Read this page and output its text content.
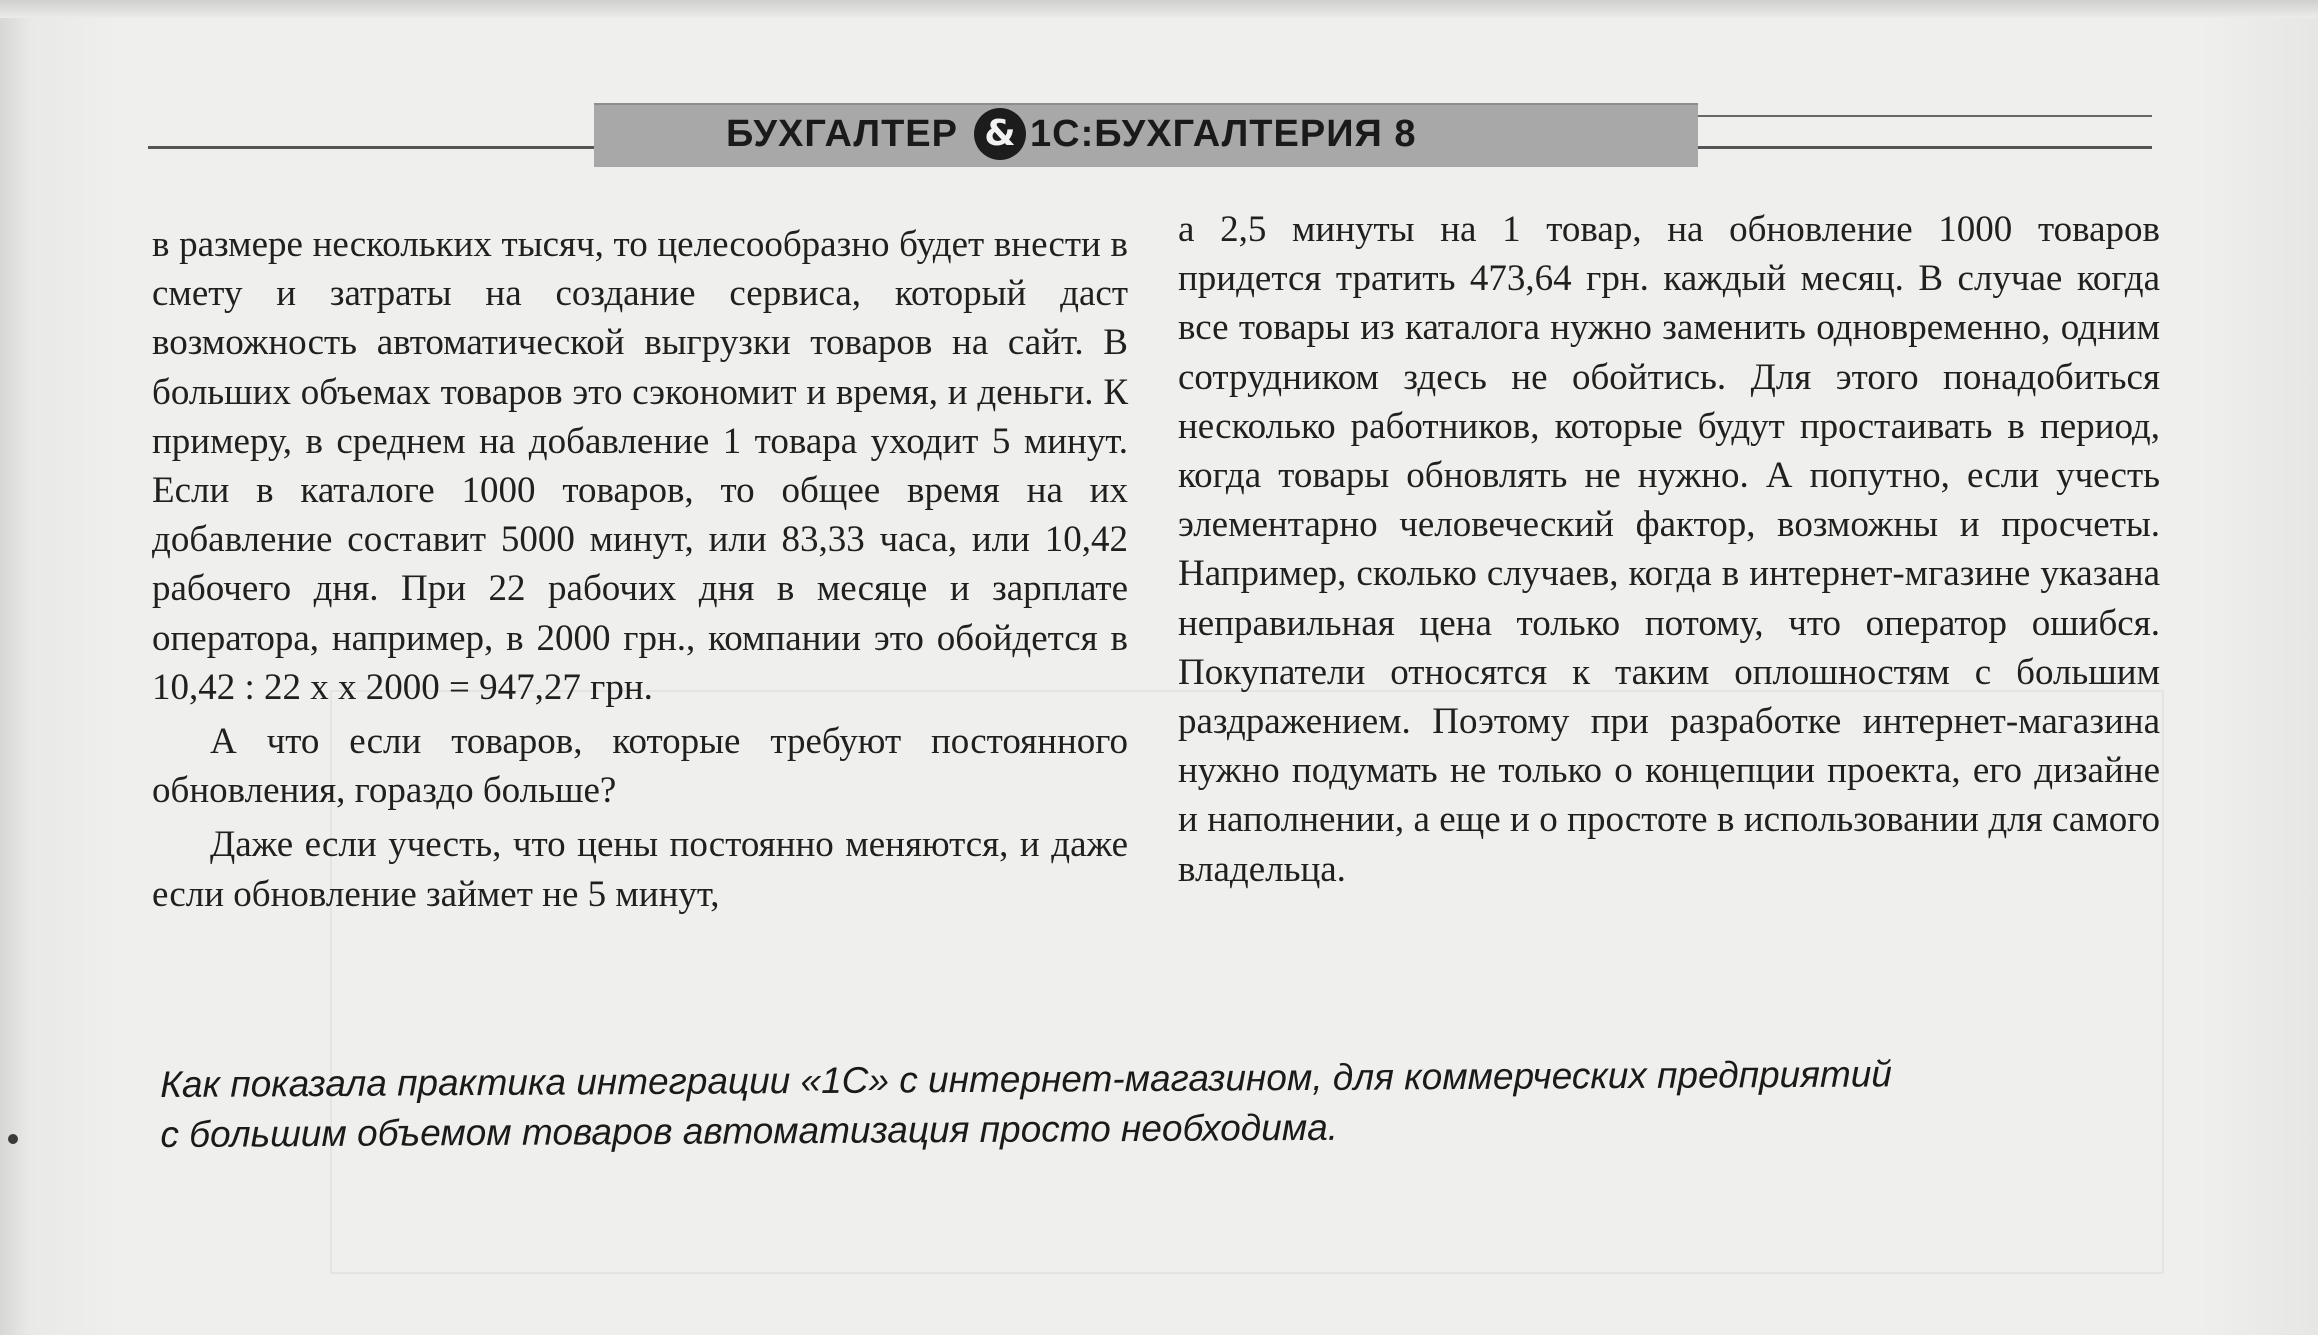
БУХГАЛТЕР & 1С:БУХГАЛТЕРИЯ 8

в размере нескольких тысяч, то целесообразно будет внести в смету и затраты на создание сервиса, который даст возможность автоматической выгрузки товаров на сайт. В больших объемах товаров это сэкономит и время, и деньги. К примеру, в среднем на добавление 1 товара уходит 5 минут. Если в каталоге 1000 товаров, то общее время на их добавление составит 5000 минут, или 83,33 часа, или 10,42 рабочего дня. При 22 рабочих дня в месяце и зарплате оператора, например, в 2000 грн., компании это обойдется в 10,42 : 22 х х 2000 = 947,27 грн.

А что если товаров, которые требуют постоянного обновления, гораздо больше?

Даже если учесть, что цены постоянно меняются, и даже если обновление займет не 5 минут,

а 2,5 минуты на 1 товар, на обновление 1000 товаров придется тратить 473,64 грн. каждый месяц. В случае когда все товары из каталога нужно заменить одновременно, одним сотрудником здесь не обойтись. Для этого понадобиться несколько работников, которые будут простаивать в период, когда товары обновлять не нужно. А попутно, если учесть элементарно человеческий фактор, возможны и просчеты. Например, сколько случаев, когда в интернет-мгазине указана неправильная цена только потому, что оператор ошибся. Покупатели относятся к таким оплошностям с большим раздражением. Поэтому при разработке интернет-магазина нужно подумать не только о концепции проекта, его дизайне и наполнении, а еще и о простоте в использовании для самого владельца.

Как показала практика интеграции «1С» с интернет-магазином, для коммерческих предприятий
с большим объемом товаров автоматизация просто необходима.
